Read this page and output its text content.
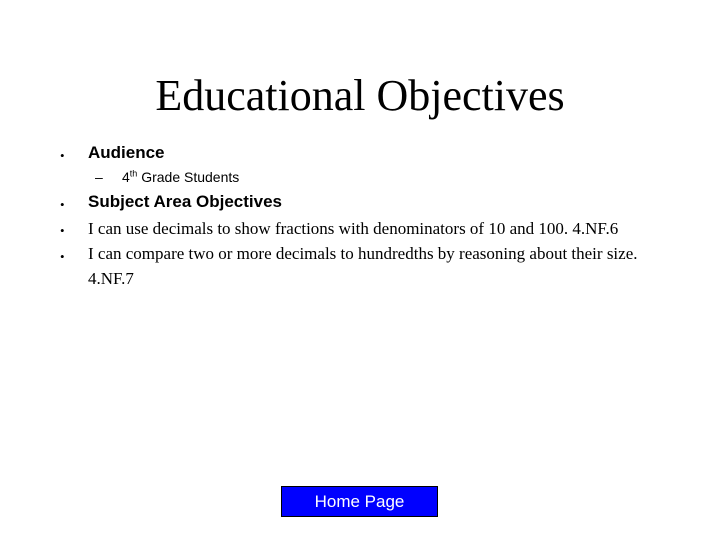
Educational Objectives
• Audience
– 4th Grade Students
• Subject Area Objectives
• I can use decimals to show fractions with denominators of 10 and 100. 4.NF.6
• I can compare two or more decimals to hundredths by reasoning about their size. 4.NF.7
Home Page
